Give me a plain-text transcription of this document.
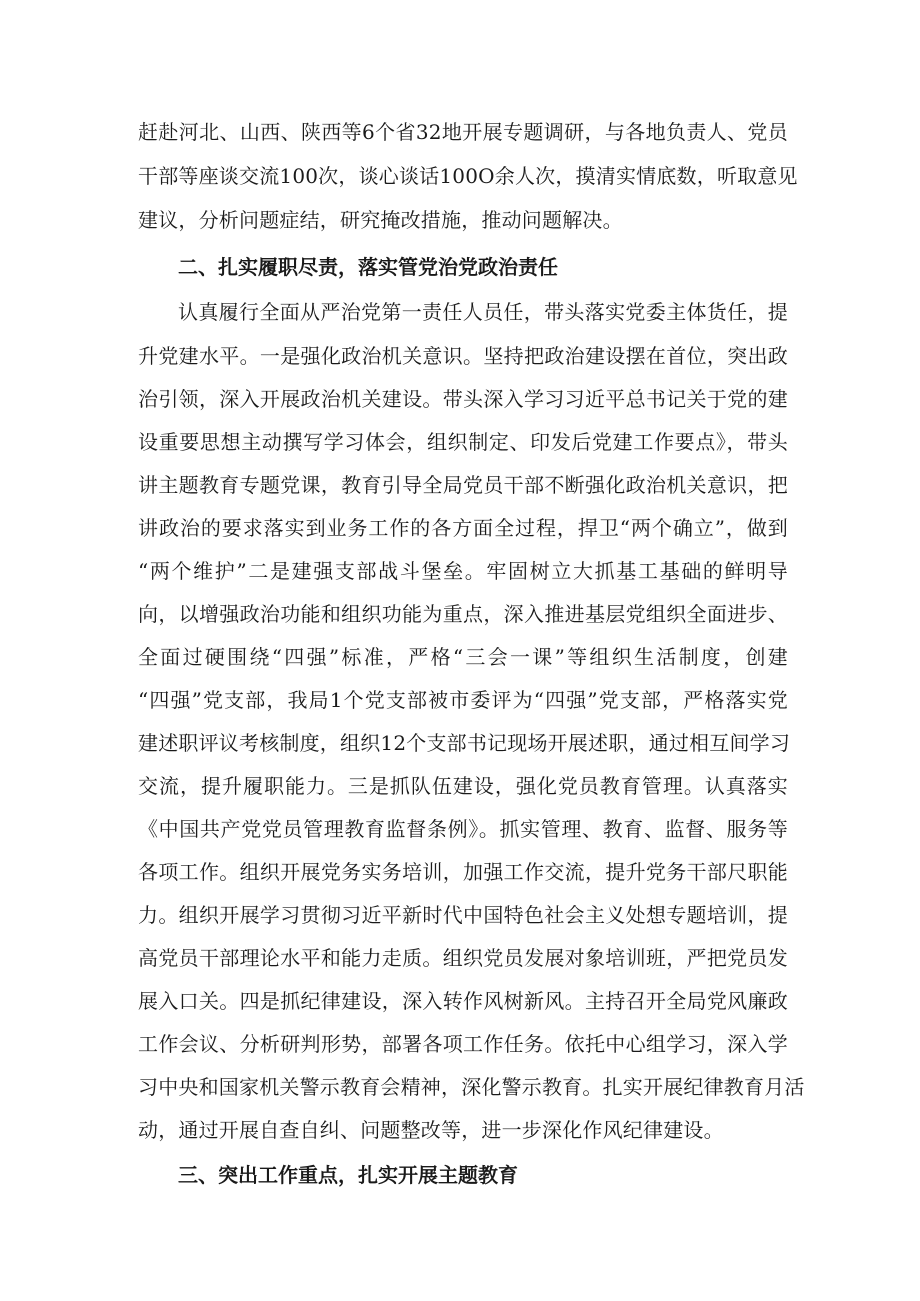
赶赴河北、山西、陕西等6个省32地开展专题调研，与各地负责人、党员
干部等座谈交流100次，谈心谈话100O余人次，摸清实情底数，听取意见
建议，分析问题症结，研究掩改措施，推动问题解决。
二、扎实履职尽责，落实管党治党政治责任
认真履行全面从严治党第一责任人员任，带头落实党委主体货任，提
升党建水平。一是强化政治机关意识。坚持把政治建设摆在首位，突出政
治引领，深入开展政治机关建设。带头深入学习习近平总书记关于党的建
设重要思想主动撰写学习体会，组织制定、印发后党建工作要点》，带头
讲主题教育专题党课，教育引导全局党员干部不断强化政治机关意识，把
讲政治的要求落实到业务工作的各方面全过程，捍卫“两个确立”，做到
“两个维护”二是建强支部战斗堡垒。牢固树立大抓基工基础的鲜明导
向，以增强政治功能和组织功能为重点，深入推进基层党组织全面进步、
全面过硬围绕“四强”标准，严格“三会一课”等组织生活制度，创建
“四强”党支部，我局1个党支部被市委评为“四强”党支部，严格落实党
建述职评议考核制度，组织12个支部书记现场开展述职，通过相互间学习
交流，提升履职能力。三是抓队伍建设，强化党员教育管理。认真落实
《中国共产党党员管理教育监督条例》。抓实管理、教育、监督、服务等
各项工作。组织开展党务实务培训，加强工作交流，提升党务干部尺职能
力。组织开展学习贯彻习近平新时代中国特色社会主义处想专题培训，提
高党员干部理论水平和能力走质。组织党员发展对象培训班，严把党员发
展入口关。四是抓纪律建设，深入转作风树新风。主持召开全局党风廉政
工作会议、分析研判形势，部署各项工作任务。依托中心组学习，深入学
习中央和国家机关警示教育会精神，深化警示教育。扎实开展纪律教育月活
动，通过开展自查自纠、问题整改等，进一步深化作风纪律建设。
三、突出工作重点，扎实开展主题教育
